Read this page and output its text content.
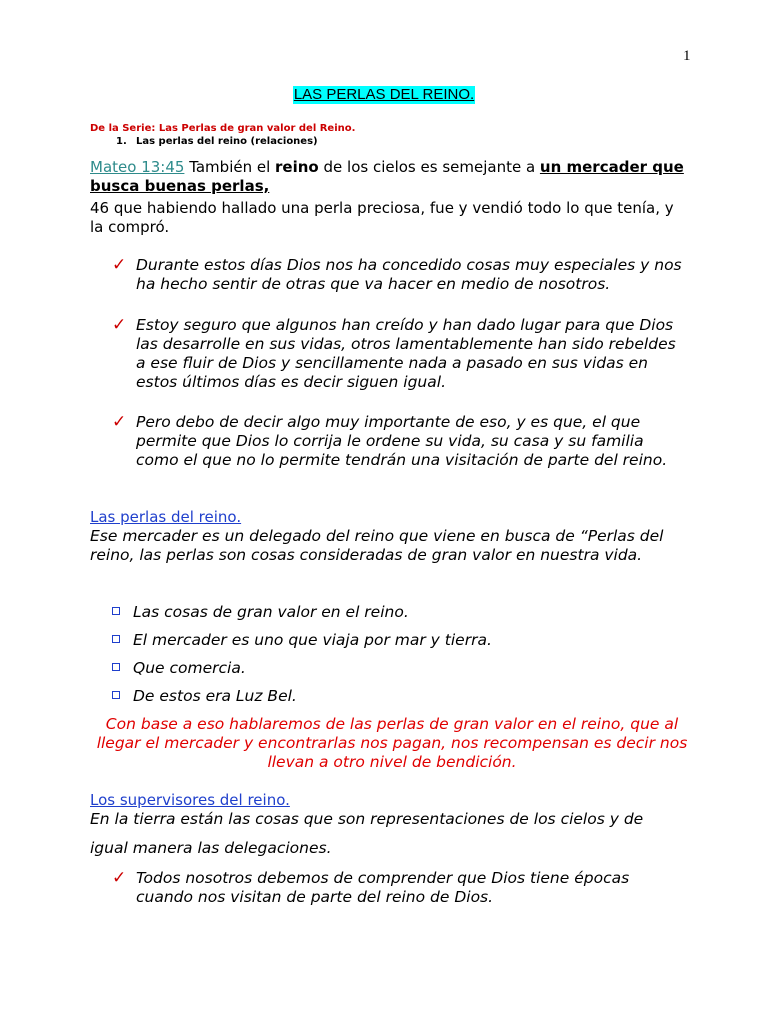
1
LAS PERLAS DEL REINO.
De la Serie: Las Perlas de gran valor del Reino.
1. Las perlas del reino (relaciones)
Mateo 13:45 También el reino de los cielos es semejante a un mercader que busca buenas perlas,
46 que habiendo hallado una perla preciosa, fue y vendió todo lo que tenía, y la compró.
✓ Durante estos días Dios nos ha concedido cosas muy especiales y nos ha hecho sentir de otras que va hacer en medio de nosotros.
✓ Estoy seguro que algunos han creído y han dado lugar para que Dios las desarrolle en sus vidas, otros lamentablemente han sido rebeldes a ese fluir de Dios y sencillamente nada a pasado en sus vidas en estos últimos días es decir siguen igual.
✓ Pero debo de decir algo muy importante de eso, y es que, el que permite que Dios lo corrija le ordene su vida, su casa y su familia como el que no lo permite tendrán una visitación de parte del reino.
Las perlas del reino.
Ese mercader es un delegado del reino que viene en busca de “Perlas del reino, las perlas son cosas consideradas de gran valor en nuestra vida.
Las cosas de gran valor en el reino.
El mercader es uno que viaja por mar y tierra.
Que comercia.
De estos era Luz Bel.
Con base a eso hablaremos de las perlas de gran valor en el reino, que al llegar el mercader y encontrarlas nos pagan, nos recompensan es decir nos llevan a otro nivel de bendición.
Los supervisores del reino.
En la tierra están las cosas que son representaciones de los cielos y de
igual manera las delegaciones.
✓ Todos nosotros debemos de comprender que Dios tiene épocas cuando nos visitan de parte del reino de Dios.
